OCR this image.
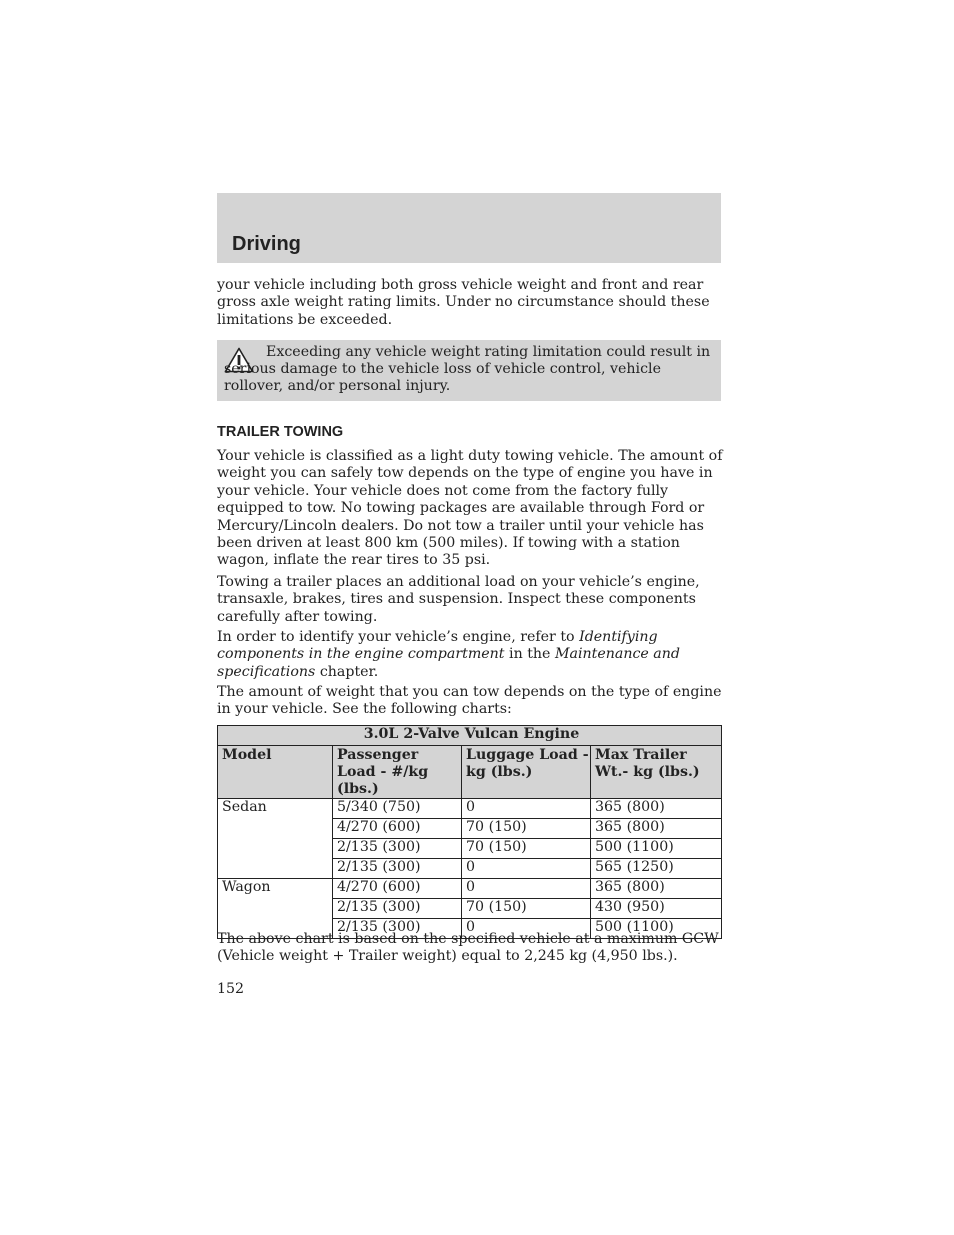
Driving

your vehicle including both gross vehicle weight and front and rear gross axle weight rating limits. Under no circumstance should these limitations be exceeded.

Exceeding any vehicle weight rating limitation could result in serious damage to the vehicle loss of vehicle control, vehicle rollover, and/or personal injury.

TRAILER TOWING

Your vehicle is classified as a light duty towing vehicle. The amount of weight you can safely tow depends on the type of engine you have in your vehicle. Your vehicle does not come from the factory fully equipped to tow. No towing packages are available through Ford or Mercury/Lincoln dealers. Do not tow a trailer until your vehicle has been driven at least 800 km (500 miles). If towing with a station wagon, inflate the rear tires to 35 psi.

Towing a trailer places an additional load on your vehicle’s engine, transaxle, brakes, tires and suspension. Inspect these components carefully after towing.

In order to identify your vehicle’s engine, refer to Identifying components in the engine compartment in the Maintenance and specifications chapter.

The amount of weight that you can tow depends on the type of engine in your vehicle. See the following charts:

3.0L 2-Valve Vulcan Engine			
Model	Passenger Load - #/kg (lbs.)	Luggage Load - kg (lbs.)	Max Trailer Wt.- kg (lbs.)
Sedan	5/340 (750)	0	365 (800)
	4/270 (600)	70 (150)	365 (800)
	2/135 (300)	70 (150)	500 (1100)
	2/135 (300)	0	565 (1250)
Wagon	4/270 (600)	0	365 (800)
	2/135 (300)	70 (150)	430 (950)
	2/135 (300)	0	500 (1100)

The above chart is based on the specified vehicle at a maximum GCW (Vehicle weight + Trailer weight) equal to 2,245 kg (4,950 lbs.).

152
